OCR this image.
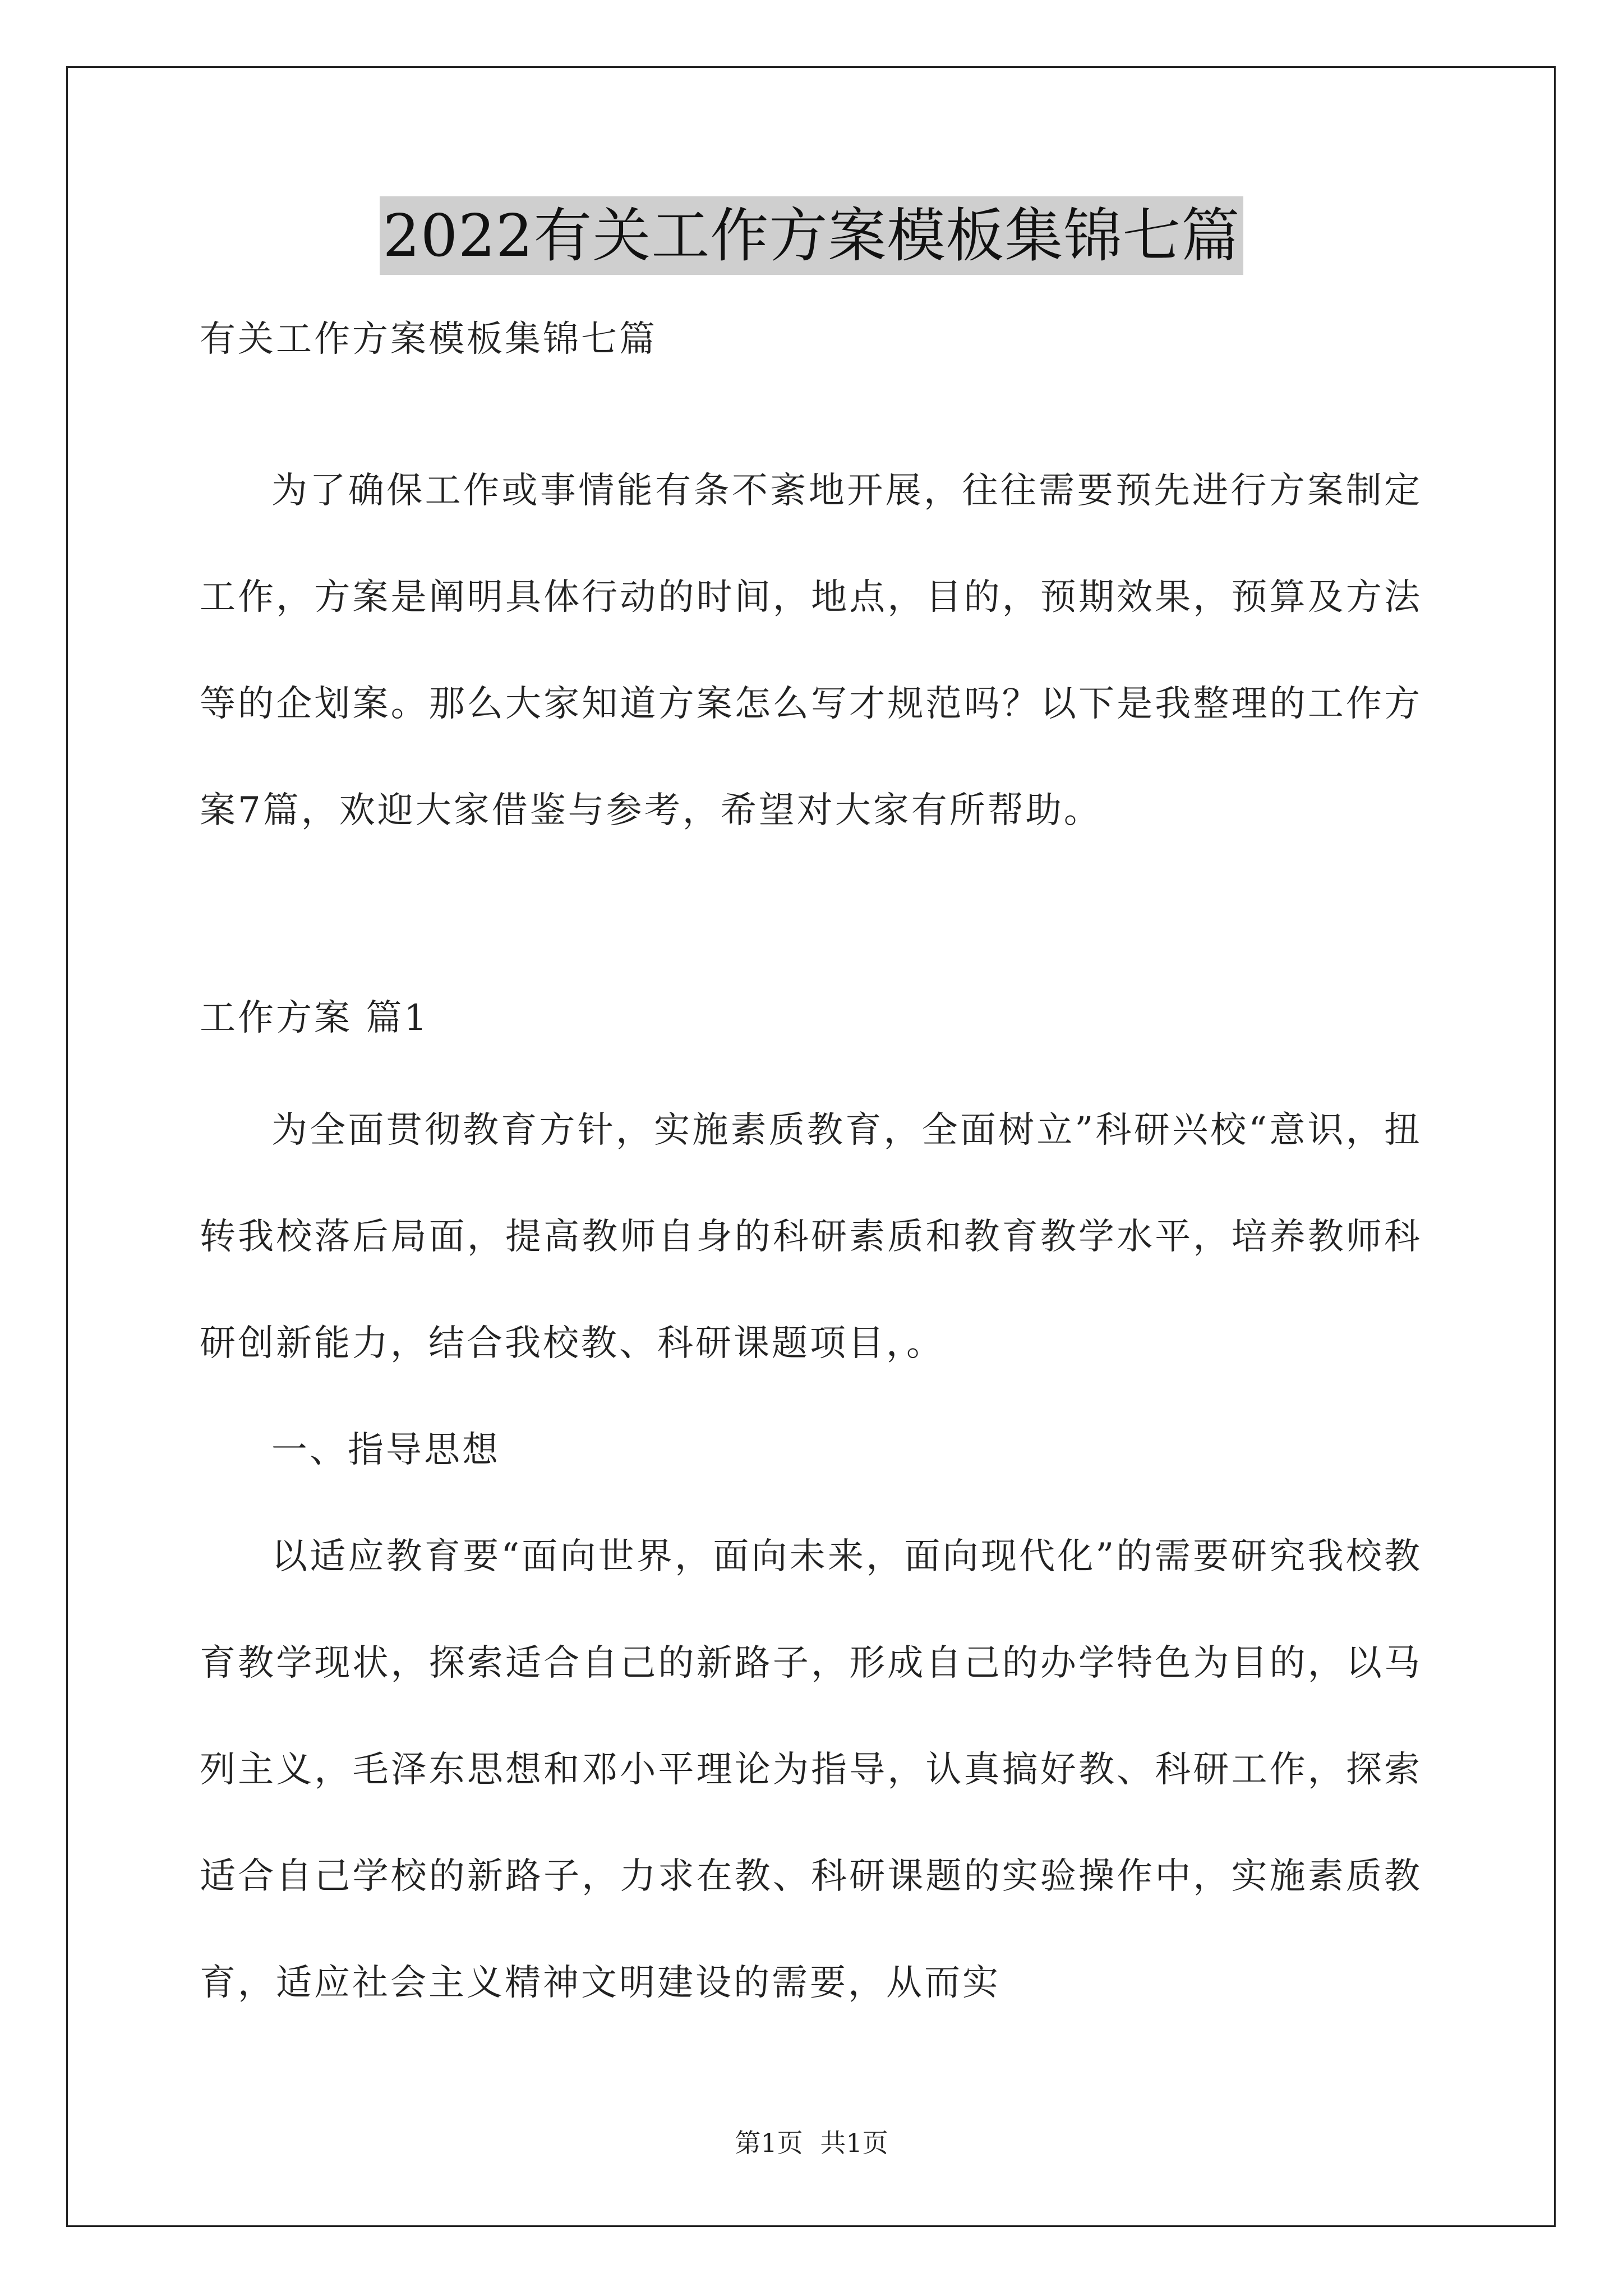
2022有关工作方案模板集锦七篇
有关工作方案模板集锦七篇

为了确保工作或事情能有条不紊地开展，往往需要预先进行方案制定工作，方案是阐明具体行动的时间，地点，目的，预期效果，预算及方法等的企划案。那么大家知道方案怎么写才规范吗？以下是我整理的工作方案7篇，欢迎大家借鉴与参考，希望对大家有所帮助。

工作方案 篇1

为全面贯彻教育方针，实施素质教育，全面树立”科研兴校“意识，扭转我校落后局面，提高教师自身的科研素质和教育教学水平，培养教师科研创新能力，结合我校教、科研课题项目，。

一、指导思想

以适应教育要“面向世界，面向未来，面向现代化”的需要研究我校教育教学现状，探索适合自己的新路子，形成自己的办学特色为目的，以马列主义，毛泽东思想和邓小平理论为指导，认真搞好教、科研工作，探索适合自己学校的新路子，力求在教、科研课题的实验操作中，实施素质教育，适应社会主义精神文明建设的需要，从而实

第1页 共1页
